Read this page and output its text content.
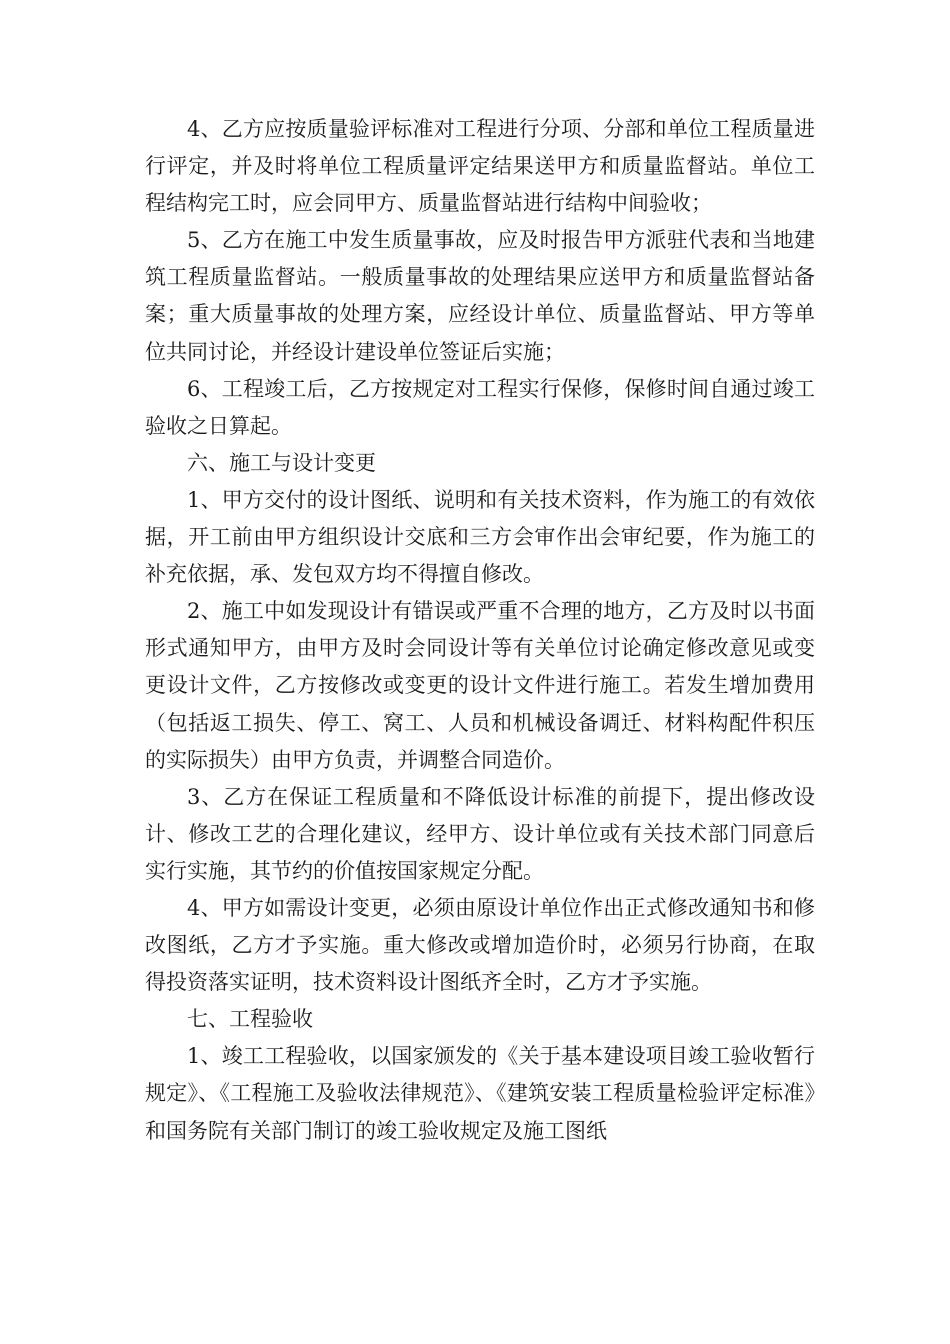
4、乙方应按质量验评标准对工程进行分项、分部和单位工程质量进行评定，并及时将单位工程质量评定结果送甲方和质量监督站。单位工程结构完工时，应会同甲方、质量监督站进行结构中间验收；

5、乙方在施工中发生质量事故，应及时报告甲方派驻代表和当地建筑工程质量监督站。一般质量事故的处理结果应送甲方和质量监督站备案；重大质量事故的处理方案，应经设计单位、质量监督站、甲方等单位共同讨论，并经设计建设单位签证后实施；

6、工程竣工后，乙方按规定对工程实行保修，保修时间自通过竣工验收之日算起。

六、施工与设计变更

1、甲方交付的设计图纸、说明和有关技术资料，作为施工的有效依据，开工前由甲方组织设计交底和三方会审作出会审纪要，作为施工的补充依据，承、发包双方均不得擅自修改。

2、施工中如发现设计有错误或严重不合理的地方，乙方及时以书面形式通知甲方，由甲方及时会同设计等有关单位讨论确定修改意见或变更设计文件，乙方按修改或变更的设计文件进行施工。若发生增加费用（包括返工损失、停工、窝工、人员和机械设备调迁、材料构配件积压的实际损失）由甲方负责，并调整合同造价。

3、乙方在保证工程质量和不降低设计标准的前提下，提出修改设计、修改工艺的合理化建议，经甲方、设计单位或有关技术部门同意后实行实施，其节约的价值按国家规定分配。

4、甲方如需设计变更，必须由原设计单位作出正式修改通知书和修改图纸，乙方才予实施。重大修改或增加造价时，必须另行协商，在取得投资落实证明，技术资料设计图纸齐全时，乙方才予实施。

七、工程验收

1、竣工工程验收，以国家颁发的《关于基本建设项目竣工验收暂行规定》、《工程施工及验收法律规范》、《建筑安装工程质量检验评定标准》和国务院有关部门制订的竣工验收规定及施工图纸
